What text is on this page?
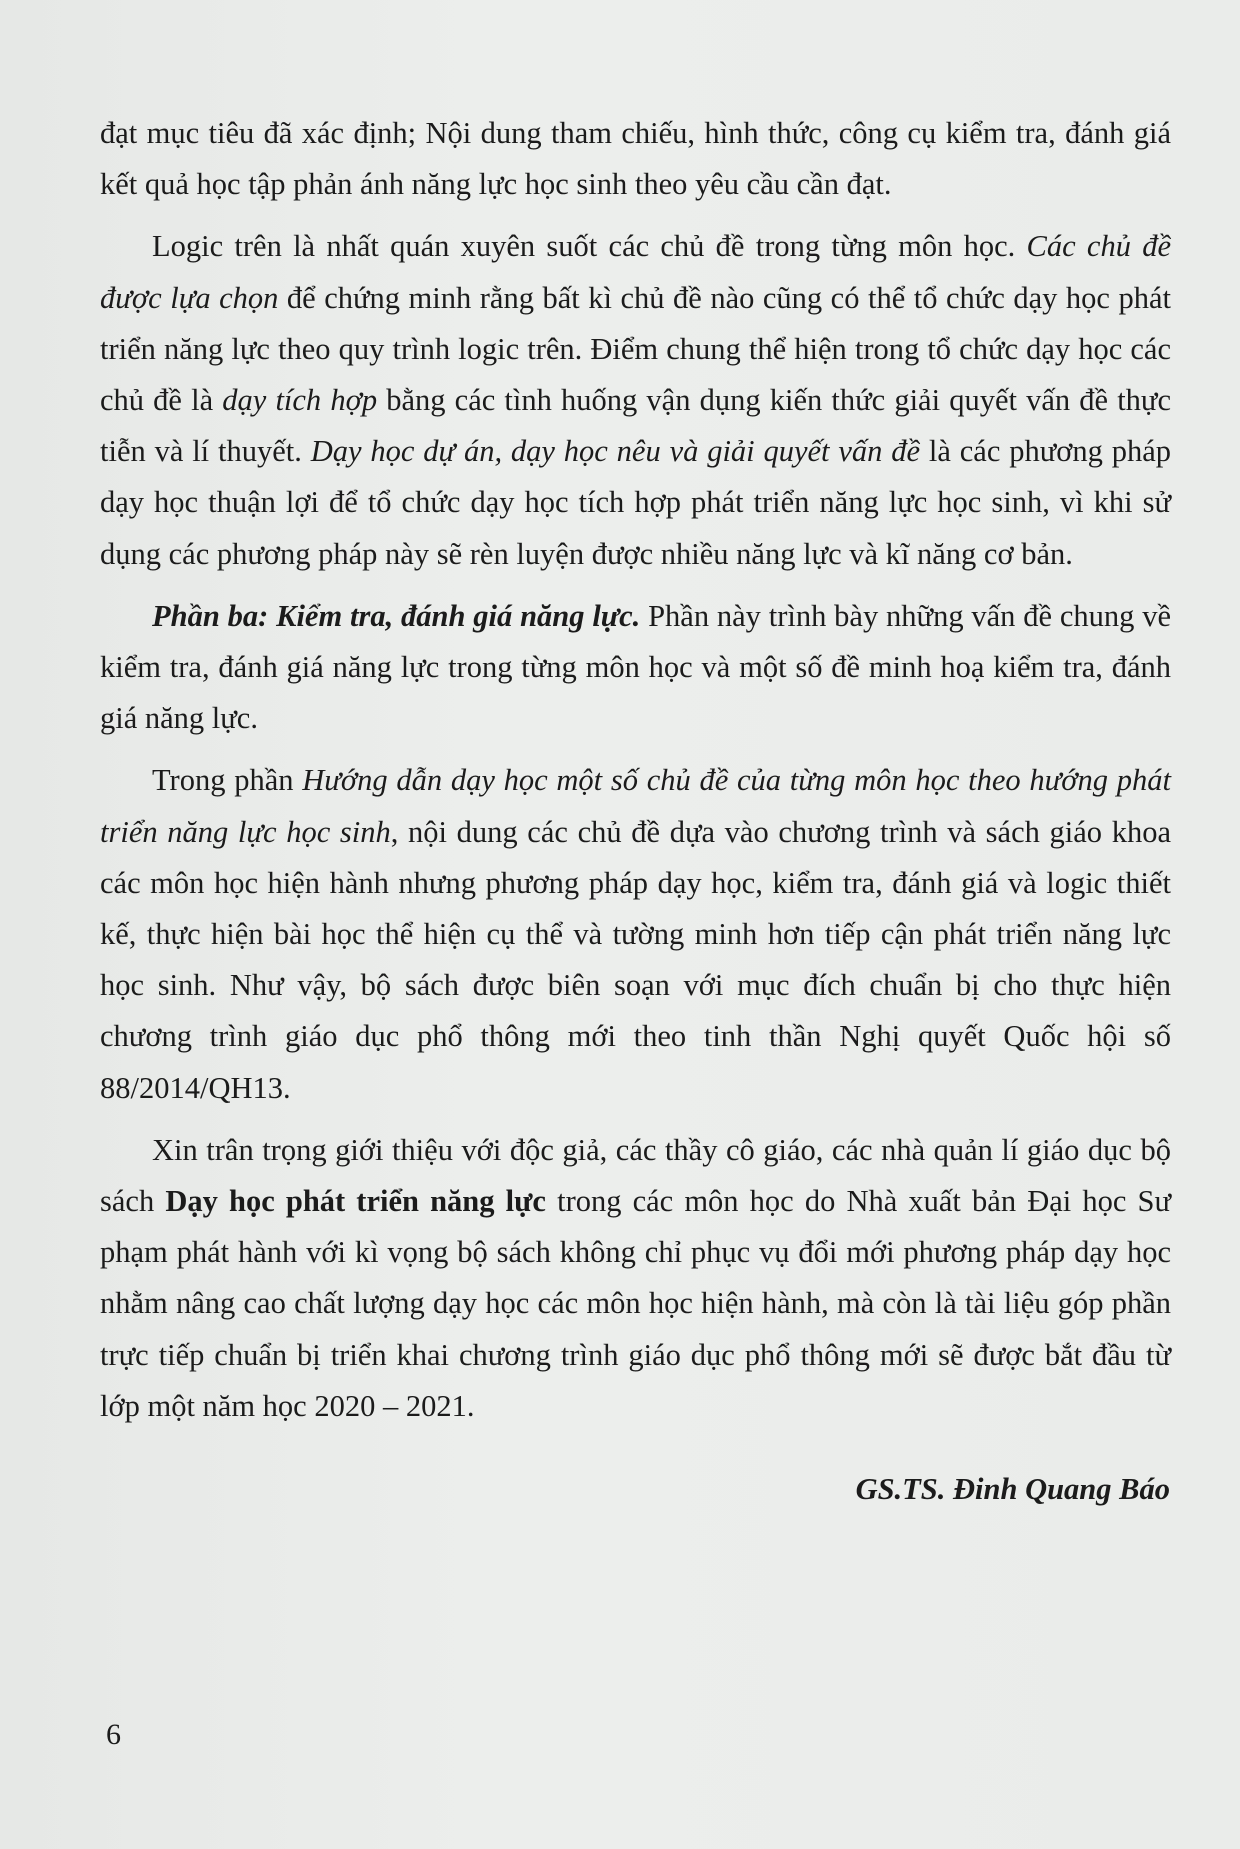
đạt mục tiêu đã xác định; Nội dung tham chiếu, hình thức, công cụ kiểm tra, đánh giá kết quả học tập phản ánh năng lực học sinh theo yêu cầu cần đạt.

Logic trên là nhất quán xuyên suốt các chủ đề trong từng môn học. Các chủ đề được lựa chọn để chứng minh rằng bất kì chủ đề nào cũng có thể tổ chức dạy học phát triển năng lực theo quy trình logic trên. Điểm chung thể hiện trong tổ chức dạy học các chủ đề là dạy tích hợp bằng các tình huống vận dụng kiến thức giải quyết vấn đề thực tiễn và lí thuyết. Dạy học dự án, dạy học nêu và giải quyết vấn đề là các phương pháp dạy học thuận lợi để tổ chức dạy học tích hợp phát triển năng lực học sinh, vì khi sử dụng các phương pháp này sẽ rèn luyện được nhiều năng lực và kĩ năng cơ bản.

Phần ba: Kiểm tra, đánh giá năng lực. Phần này trình bày những vấn đề chung về kiểm tra, đánh giá năng lực trong từng môn học và một số đề minh hoạ kiểm tra, đánh giá năng lực.

Trong phần Hướng dẫn dạy học một số chủ đề của từng môn học theo hướng phát triển năng lực học sinh, nội dung các chủ đề dựa vào chương trình và sách giáo khoa các môn học hiện hành nhưng phương pháp dạy học, kiểm tra, đánh giá và logic thiết kế, thực hiện bài học thể hiện cụ thể và tường minh hơn tiếp cận phát triển năng lực học sinh. Như vậy, bộ sách được biên soạn với mục đích chuẩn bị cho thực hiện chương trình giáo dục phổ thông mới theo tinh thần Nghị quyết Quốc hội số 88/2014/QH13.

Xin trân trọng giới thiệu với độc giả, các thầy cô giáo, các nhà quản lí giáo dục bộ sách Dạy học phát triển năng lực trong các môn học do Nhà xuất bản Đại học Sư phạm phát hành với kì vọng bộ sách không chỉ phục vụ đổi mới phương pháp dạy học nhằm nâng cao chất lượng dạy học các môn học hiện hành, mà còn là tài liệu góp phần trực tiếp chuẩn bị triển khai chương trình giáo dục phổ thông mới sẽ được bắt đầu từ lớp một năm học 2020 – 2021.

GS.TS. Đinh Quang Báo
6
